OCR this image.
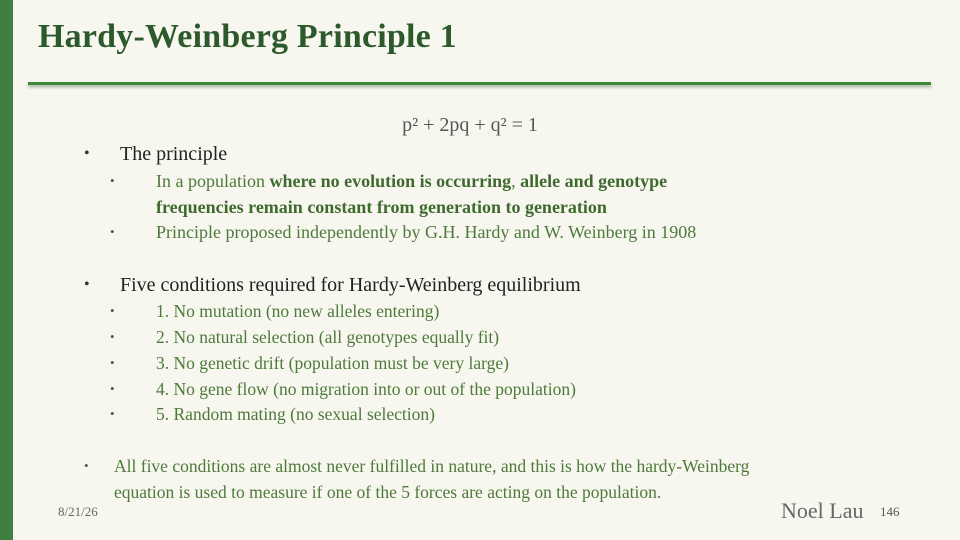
Hardy-Weinberg Principle 1
p² + 2pq + q² = 1
• The principle
• In a population where no evolution is occurring, allele and genotype
frequencies remain constant from generation to generation
• Principle proposed independently by G.H. Hardy and W. Weinberg in 1908
• Five conditions required for Hardy-Weinberg equilibrium
• 1. No mutation (no new alleles entering)
• 2. No natural selection (all genotypes equally fit)
• 3. No genetic drift (population must be very large)
• 4. No gene flow (no migration into or out of the population)
• 5. Random mating (no sexual selection)
• All five conditions are almost never fulfilled in nature, and this is how the hardy-Weinberg
equation is used to measure if one of the 5 forces are acting on the population.
8/21/26	Noel Lau 146
